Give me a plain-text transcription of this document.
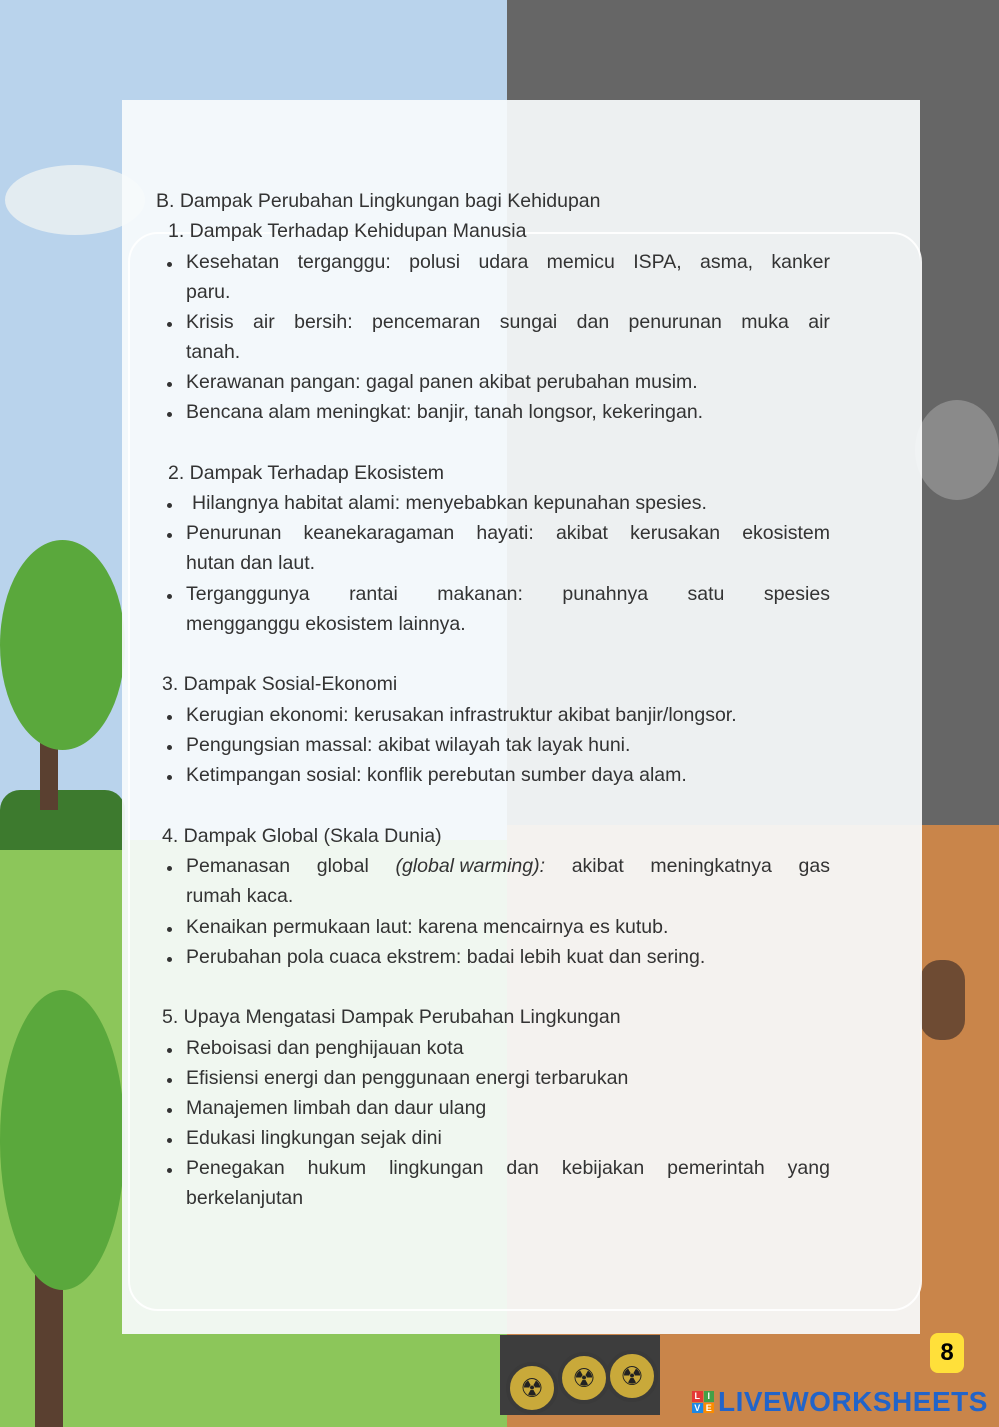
☢	☢ ☢
B. Dampak Perubahan Lingkungan bagi Kehidupan
1. Dampak Terhadap Kehidupan Manusia
Kesehatan terganggu: polusi udara memicu ISPA, asma, kanker
paru.
Krisis air bersih: pencemaran sungai dan penurunan muka air
tanah.
Kerawanan pangan: gagal panen akibat perubahan musim.
Bencana alam meningkat: banjir, tanah longsor, kekeringan.
2. Dampak Terhadap Ekosistem
Hilangnya habitat alami: menyebabkan kepunahan spesies.
Penurunan keanekaragaman hayati: akibat kerusakan ekosistem
hutan dan laut.
Terganggunya rantai makanan: punahnya satu spesies
mengganggu ekosistem lainnya.
3. Dampak Sosial-Ekonomi
Kerugian ekonomi: kerusakan infrastruktur akibat banjir/longsor.
Pengungsian massal: akibat wilayah tak layak huni.
Ketimpangan sosial: konflik perebutan sumber daya alam.
4. Dampak Global (Skala Dunia)
Pemanasan global (global warming): akibat meningkatnya gas
rumah kaca.
Kenaikan permukaan laut: karena mencairnya es kutub.
Perubahan pola cuaca ekstrem: badai lebih kuat dan sering.
5. Upaya Mengatasi Dampak Perubahan Lingkungan
Reboisasi dan penghijauan kota
Efisiensi energi dan penggunaan energi terbarukan
Manajemen limbah dan daur ulang
Edukasi lingkungan sejak dini
Penegakan hukum lingkungan dan kebijakan pemerintah yang
berkelanjutan
8
L I
V E LIVEWORKSHEETS
